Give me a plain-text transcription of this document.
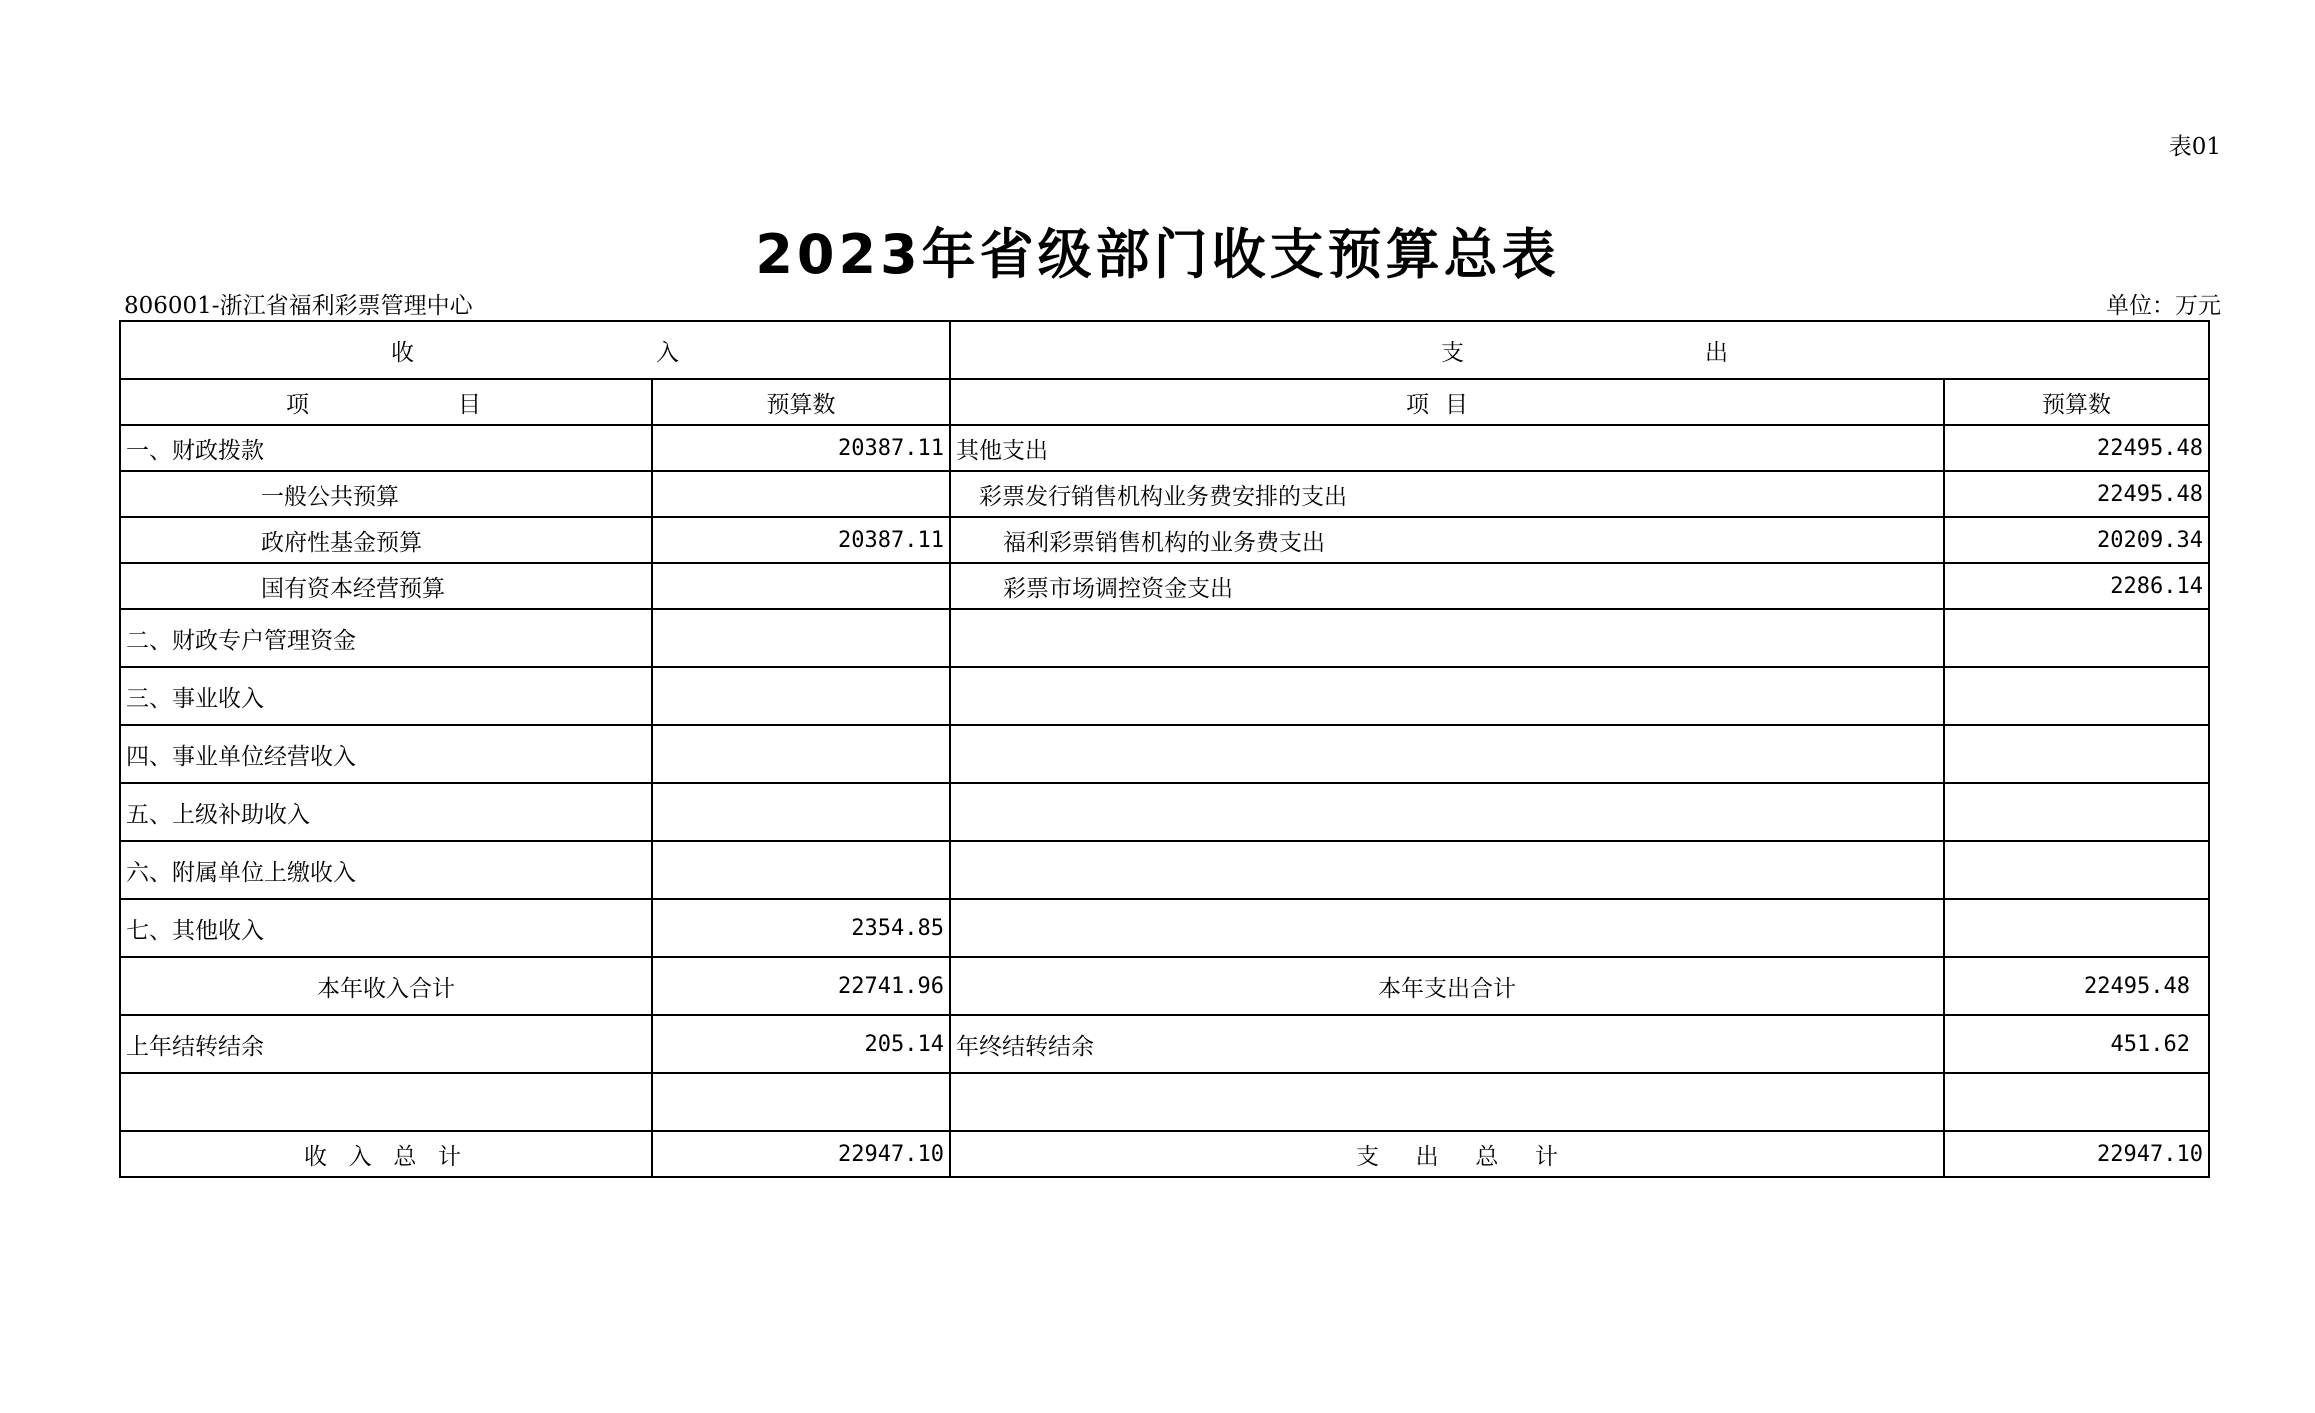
表01
2023年省级部门收支预算总表
806001-浙江省福利彩票管理中心	单位：万元
收 入		支 出	

项 目	预算数	项 目	预算数
一、财政拨款	20387.11	其他支出	22495.48
一般公共预算		彩票发行销售机构业务费安排的支出	22495.48
政府性基金预算	20387.11	福利彩票销售机构的业务费支出	20209.34
国有资本经营预算		彩票市场调控资金支出	2286.14
二、财政专户管理资金			
三、事业收入			
四、事业单位经营收入			
五、上级补助收入			
六、附属单位上缴收入			
七、其他收入	2354.85		
本年收入合计	22741.96	本年支出合计	22495.48
上年结转结余	205.14	年终结转结余	451.62

收 入 总 计	22947.10	支 出 总 计	22947.10
